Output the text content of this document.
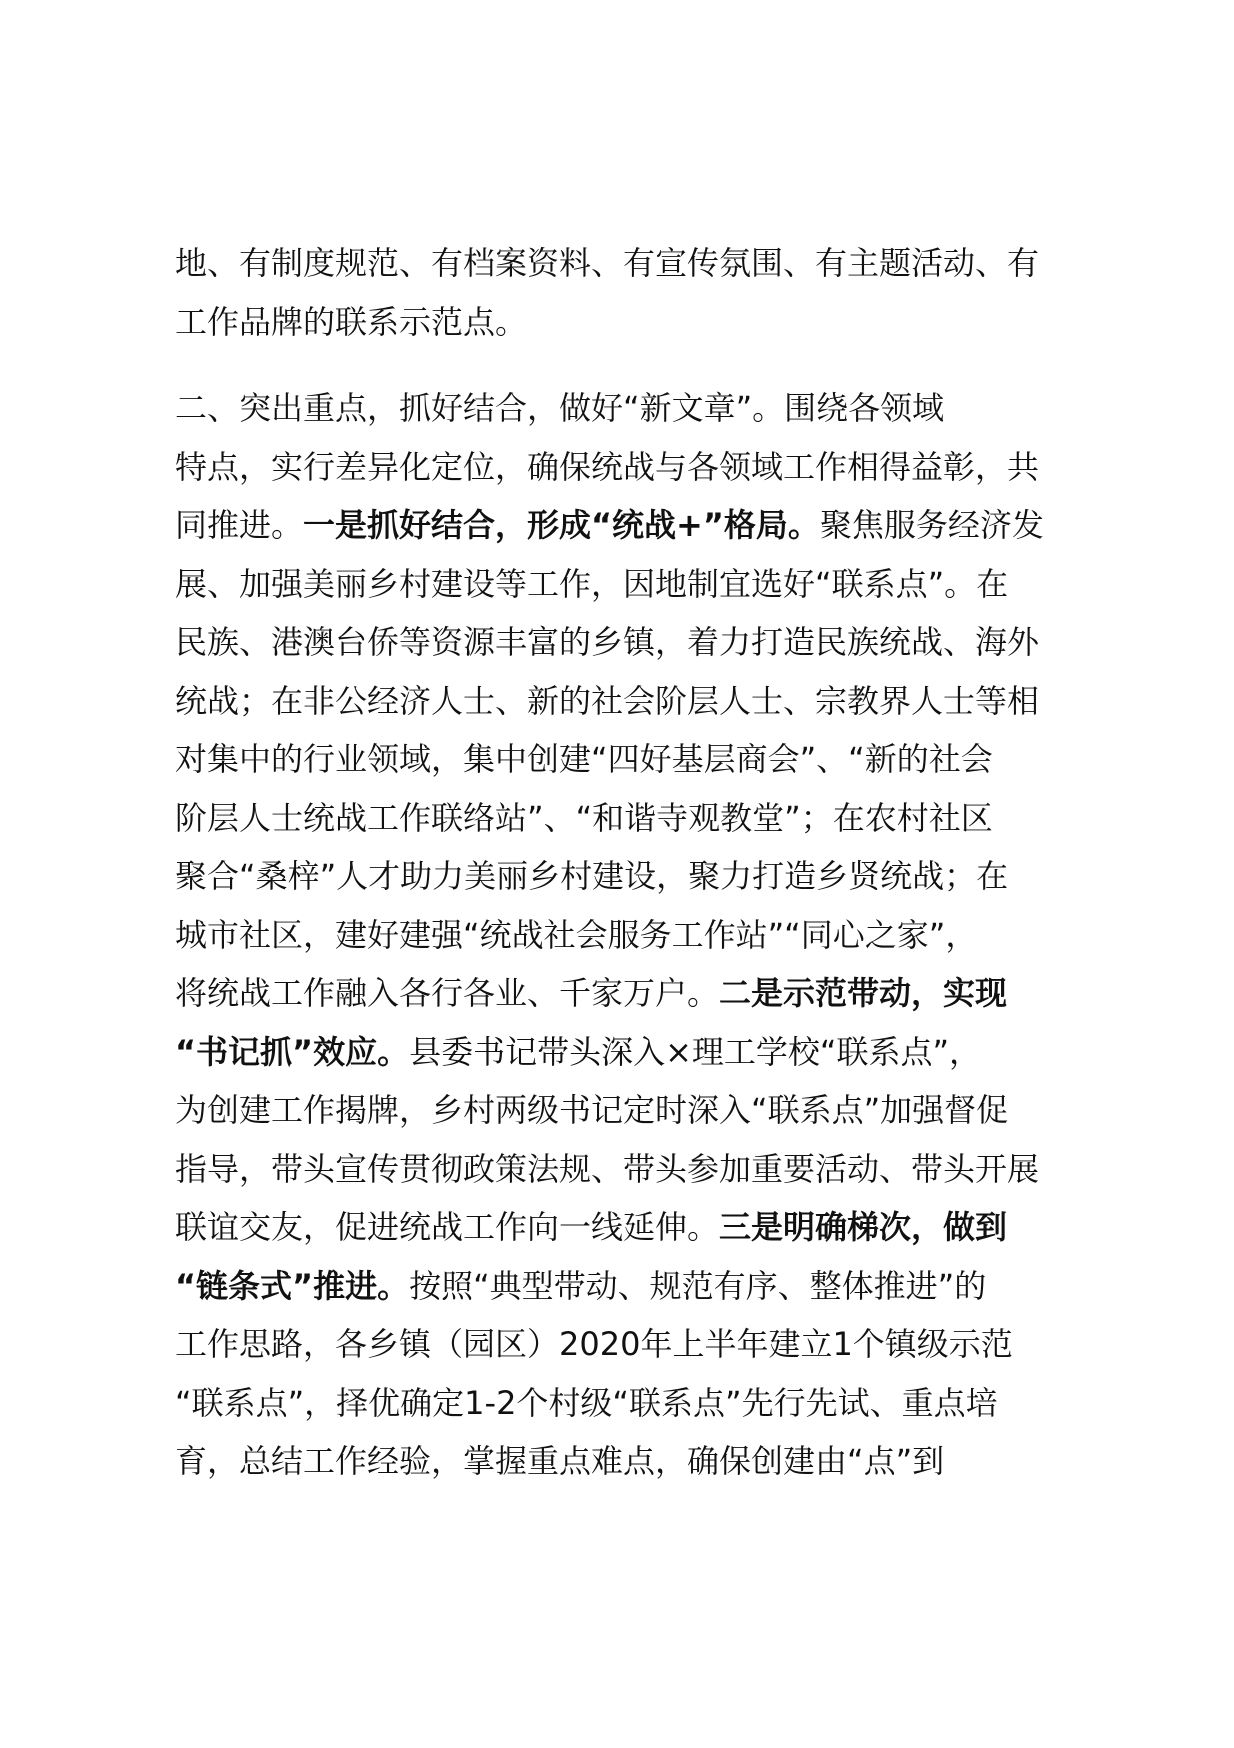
地、有制度规范、有档案资料、有宣传氛围、有主题活动、有
工作品牌的联系示范点。
二、突出重点，抓好结合，做好“新文章”。围绕各领域
特点，实行差异化定位，确保统战与各领域工作相得益彰，共
同推进。一是抓好结合，形成“统战+”格局。聚焦服务经济发
展、加强美丽乡村建设等工作，因地制宜选好“联系点”。在
民族、港澳台侨等资源丰富的乡镇，着力打造民族统战、海外
统战；在非公经济人士、新的社会阶层人士、宗教界人士等相
对集中的行业领域，集中创建“四好基层商会”、“新的社会
阶层人士统战工作联络站”、“和谐寺观教堂”；在农村社区
聚合“桑梓”人才助力美丽乡村建设，聚力打造乡贤统战；在
城市社区，建好建强“统战社会服务工作站”“同心之家”，
将统战工作融入各行各业、千家万户。二是示范带动，实现
“书记抓”效应。县委书记带头深入×理工学校“联系点”，
为创建工作揭牌，乡村两级书记定时深入“联系点”加强督促
指导，带头宣传贯彻政策法规、带头参加重要活动、带头开展
联谊交友，促进统战工作向一线延伸。三是明确梯次，做到
“链条式”推进。按照“典型带动、规范有序、整体推进”的
工作思路，各乡镇（园区）2020年上半年建立1个镇级示范
“联系点”，择优确定1-2个村级“联系点”先行先试、重点培
育，总结工作经验，掌握重点难点，确保创建由“点”到
